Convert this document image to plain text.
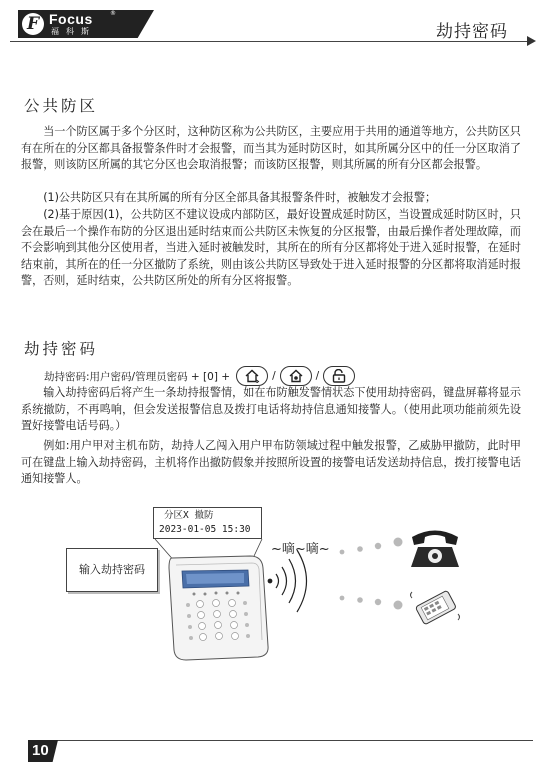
F Focus	®
福科斯	劫持密码
公共防区

当一个防区属于多个分区时，这种防区称为公共防区，主要应用于共用的通道等地方，公共防区只有在所在的分区都具备报警条件时才会报警，而当其为延时防区时，如其所属分区中的任一分区取消了报警，则该防区所属的其它分区也会取消报警；而该防区报警，则其所属的所有分区都会报警。

(1)公共防区只有在其所属的所有分区全部具备其报警条件时，被触发才会报警；

(2)基于原因(1)，公共防区不建议设成内部防区，最好设置成延时防区，当设置成延时防区时，只会在最后一个操作布防的分区退出延时结束而公共防区未恢复的分区报警，由最后操作者处理故障，而不会影响到其他分区使用者，当进入延时被触发时，其所在的所有分区都将处于进入延时报警，在延时结束前，其所在的任一分区撤防了系统，则由该公共防区导致处于进入延时报警的分区都将取消延时报警，否则，延时结束，公共防区所处的所有分区将报警。

劫持密码
劫持密码:用户密码/管理员密码 + [0] +	/	/

输入劫持密码后将产生一条劫持报警情，如在布防触发警情状态下使用劫持密码，键盘屏幕将显示系统撤防，不再鸣响，但会发送报警信息及拨打电话将劫持信息通知接警人。（使用此项功能前须先设置好接警电话号码。）

例如:用户甲对主机布防，劫持人乙闯入用户甲布防领域过程中触发报警，乙威胁甲撤防，此时甲可在键盘上输入劫持密码，主机将作出撤防假象并按照所设置的接警电话发送劫持信息，拨打接警电话通知接警人。

分区X 撤防
2023-01-05 15:30
~嘀~嘀~
输入劫持密码
10
